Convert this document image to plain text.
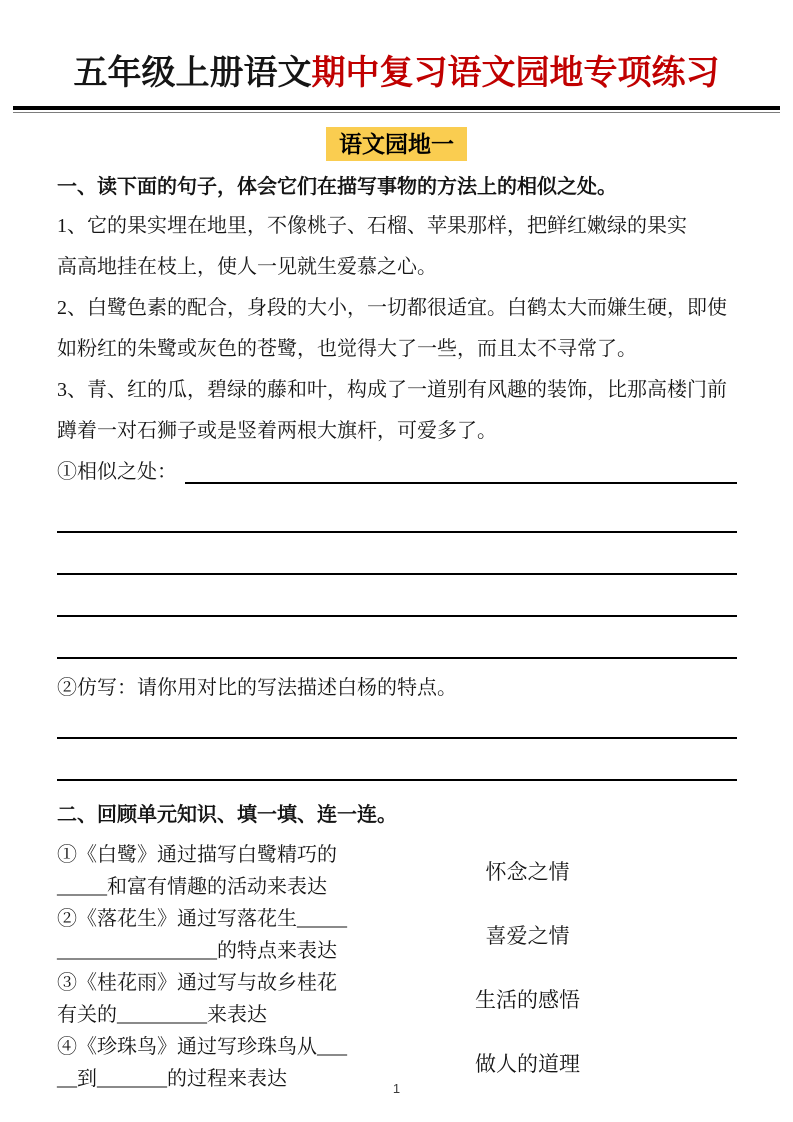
五年级上册语文期中复习语文园地专项练习
语文园地一
一、读下面的句子，体会它们在描写事物的方法上的相似之处。
1、它的果实埋在地里，不像桃子、石榴、苹果那样，把鲜红嫩绿的果实
高高地挂在枝上，使人一见就生爱慕之心。
2、白鹭色素的配合，身段的大小，一切都很适宜。白鹤太大而嫌生硬，即使
如粉红的朱鹭或灰色的苍鹭，也觉得大了一些，而且太不寻常了。
3、青、红的瓜，碧绿的藤和叶，构成了一道别有风趣的装饰，比那高楼门前
蹲着一对石狮子或是竖着两根大旗杆，可爱多了。
①相似之处：
②仿写：请你用对比的写法描述白杨的特点。
二、回顾单元知识、填一填、连一连。
①《白鹭》通过描写白鹭精巧的
_____和富有情趣的活动来表达
怀念之情
②《落花生》通过写落花生_____
________________的特点来表达
喜爱之情
③《桂花雨》通过写与故乡桂花
有关的_________来表达
生活的感悟
④《珍珠鸟》通过写珍珠鸟从___
__到_______的过程来表达
做人的道理
1
